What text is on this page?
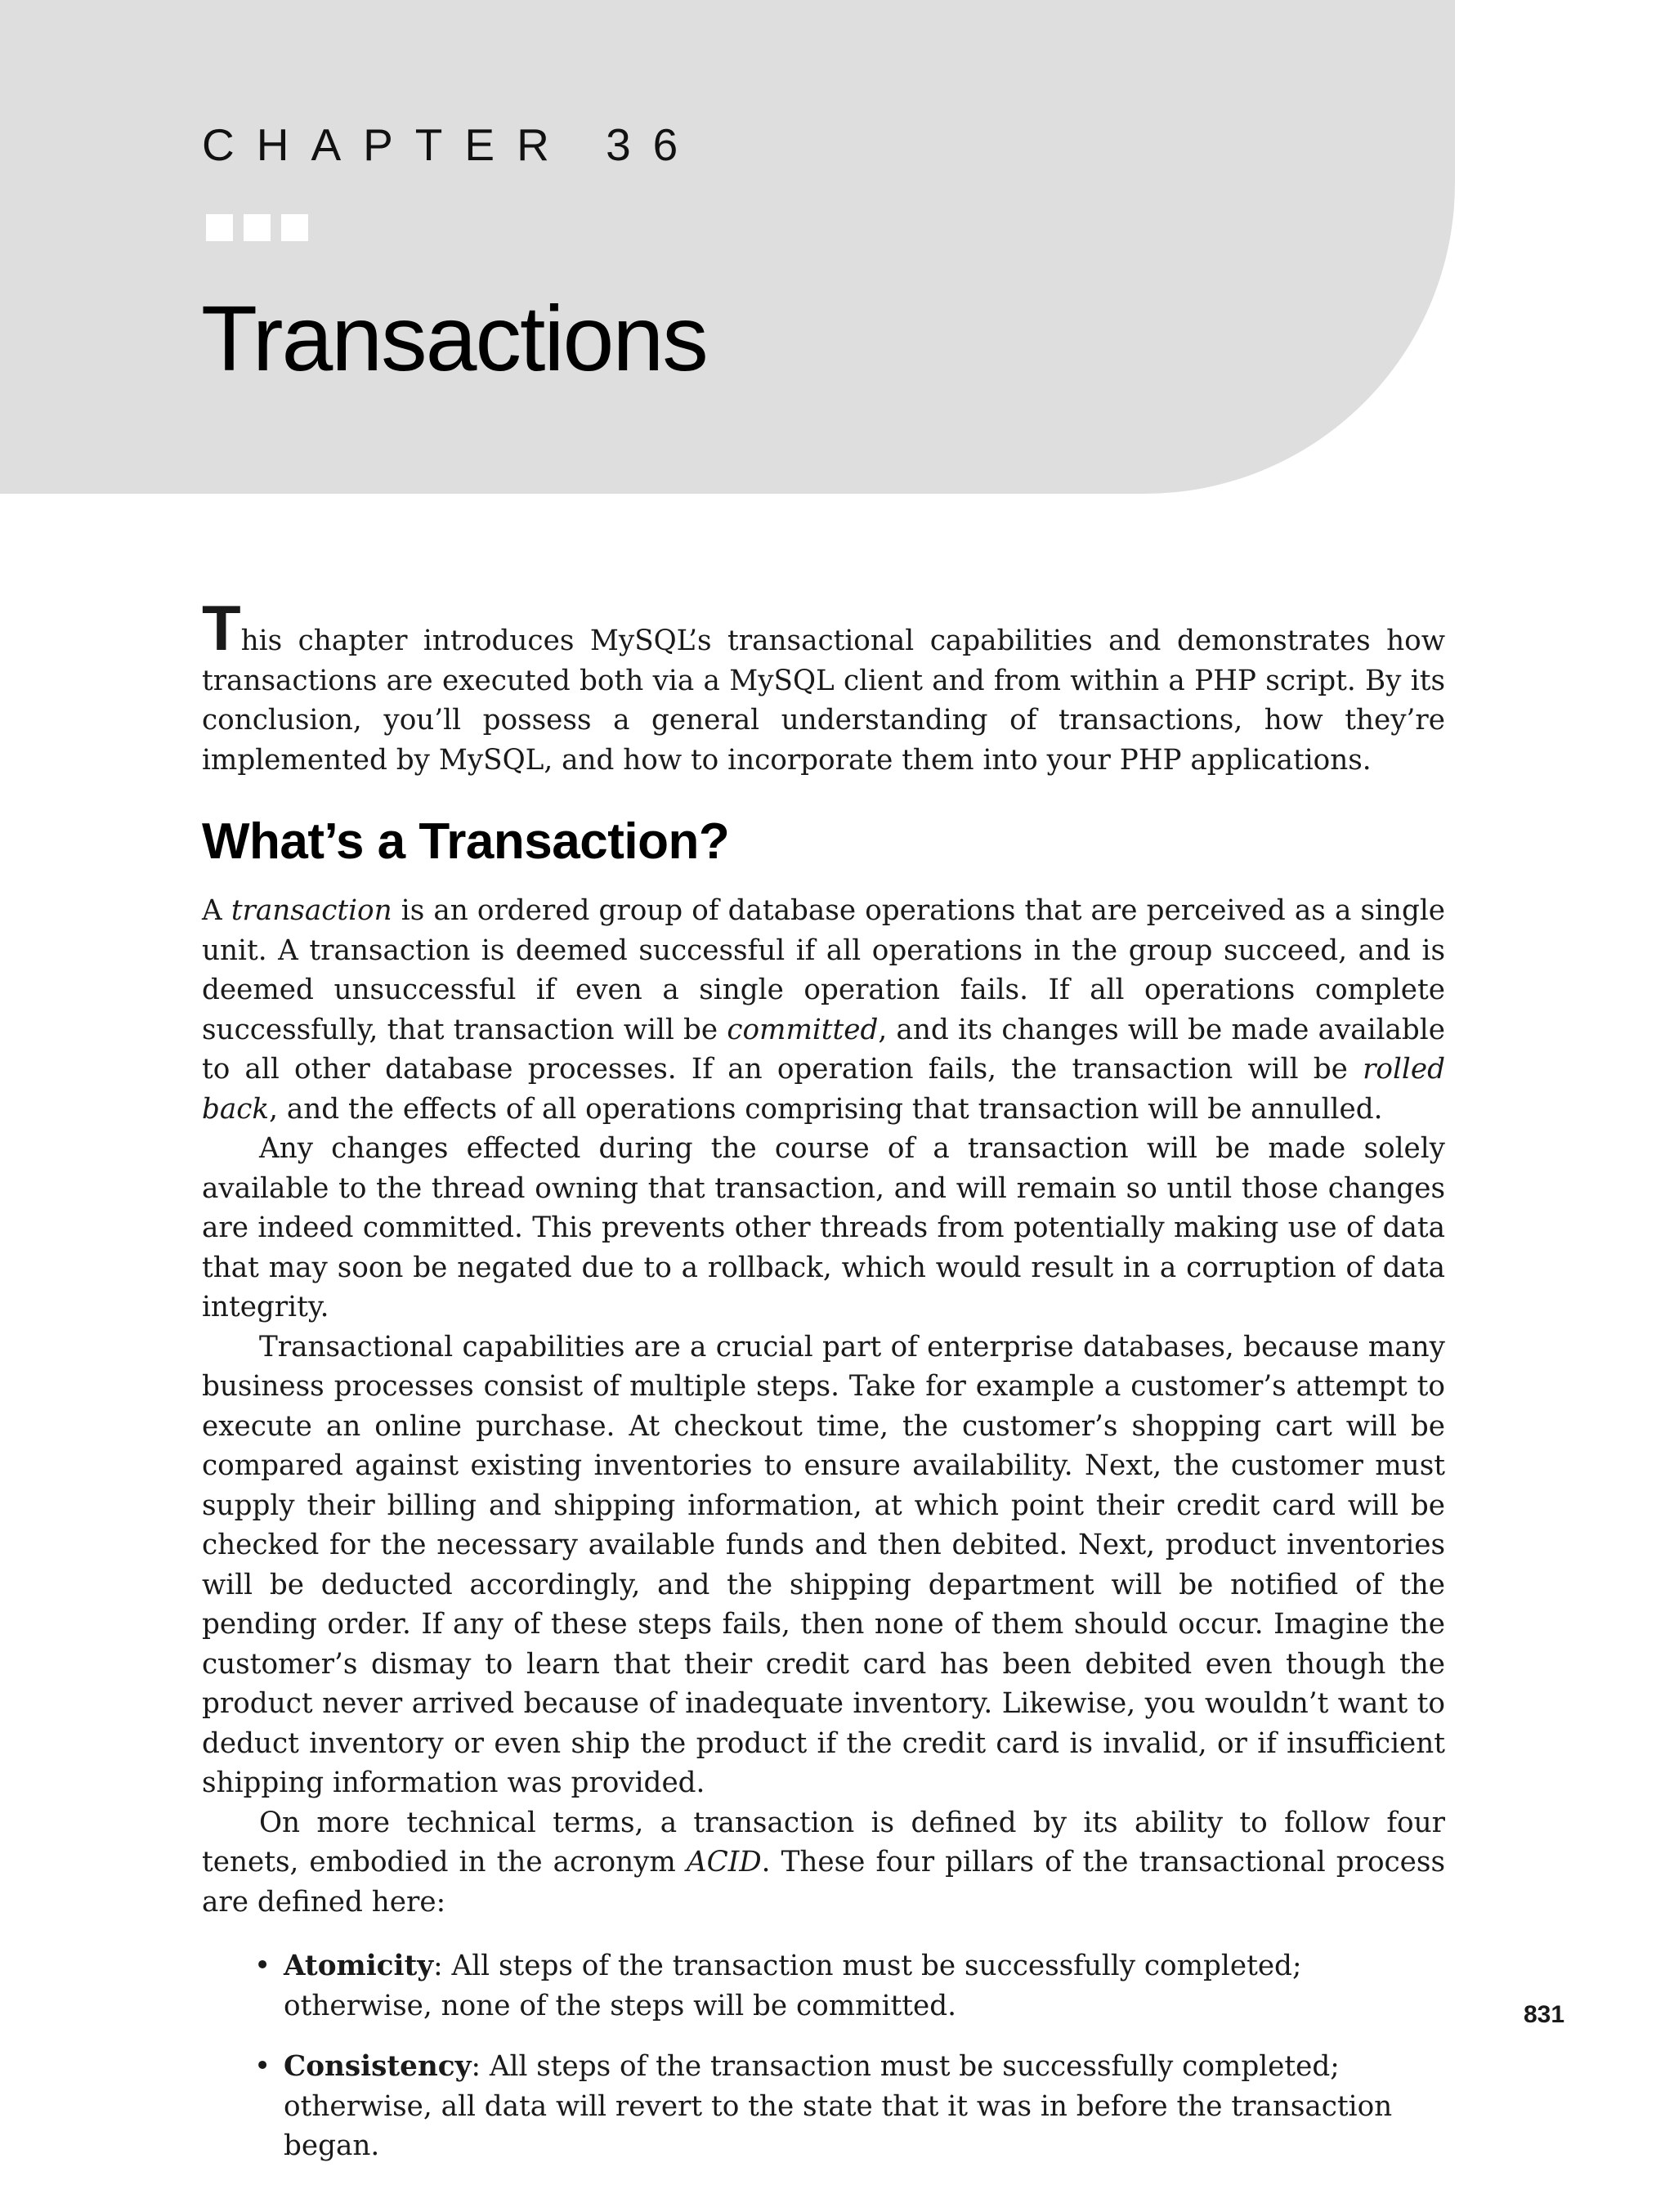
CHAPTER 36
Transactions

This chapter introduces MySQL’s transactional capabilities and demonstrates how transactions are executed both via a MySQL client and from within a PHP script. By its conclusion, you’ll possess a general understanding of transactions, how they’re implemented by MySQL, and how to incorporate them into your PHP applications.

What’s a Transaction?

A transaction is an ordered group of database operations that are perceived as a single unit. A transaction is deemed successful if all operations in the group succeed, and is deemed unsuccessful if even a single operation fails. If all operations complete successfully, that transaction will be committed, and its changes will be made available to all other database processes. If an operation fails, the transaction will be rolled back, and the effects of all operations comprising that transaction will be annulled.

Any changes effected during the course of a transaction will be made solely available to the thread owning that transaction, and will remain so until those changes are indeed committed. This prevents other threads from potentially making use of data that may soon be negated due to a rollback, which would result in a corruption of data integrity.

Transactional capabilities are a crucial part of enterprise databases, because many business processes consist of multiple steps. Take for example a customer’s attempt to execute an online purchase. At checkout time, the customer’s shopping cart will be compared against existing inventories to ensure availability. Next, the customer must supply their billing and shipping information, at which point their credit card will be checked for the necessary available funds and then debited. Next, product inventories will be deducted accordingly, and the shipping department will be notified of the pending order. If any of these steps fails, then none of them should occur. Imagine the customer’s dismay to learn that their credit card has been debited even though the product never arrived because of inadequate inventory. Likewise, you wouldn’t want to deduct inventory or even ship the product if the credit card is invalid, or if insufficient shipping information was provided.

On more technical terms, a transaction is defined by its ability to follow four tenets, embodied in the acronym ACID. These four pillars of the transactional process are defined here:

• Atomicity: All steps of the transaction must be successfully completed; otherwise, none of the steps will be committed.
• Consistency: All steps of the transaction must be successfully completed; otherwise, all data will revert to the state that it was in before the transaction began.

831
